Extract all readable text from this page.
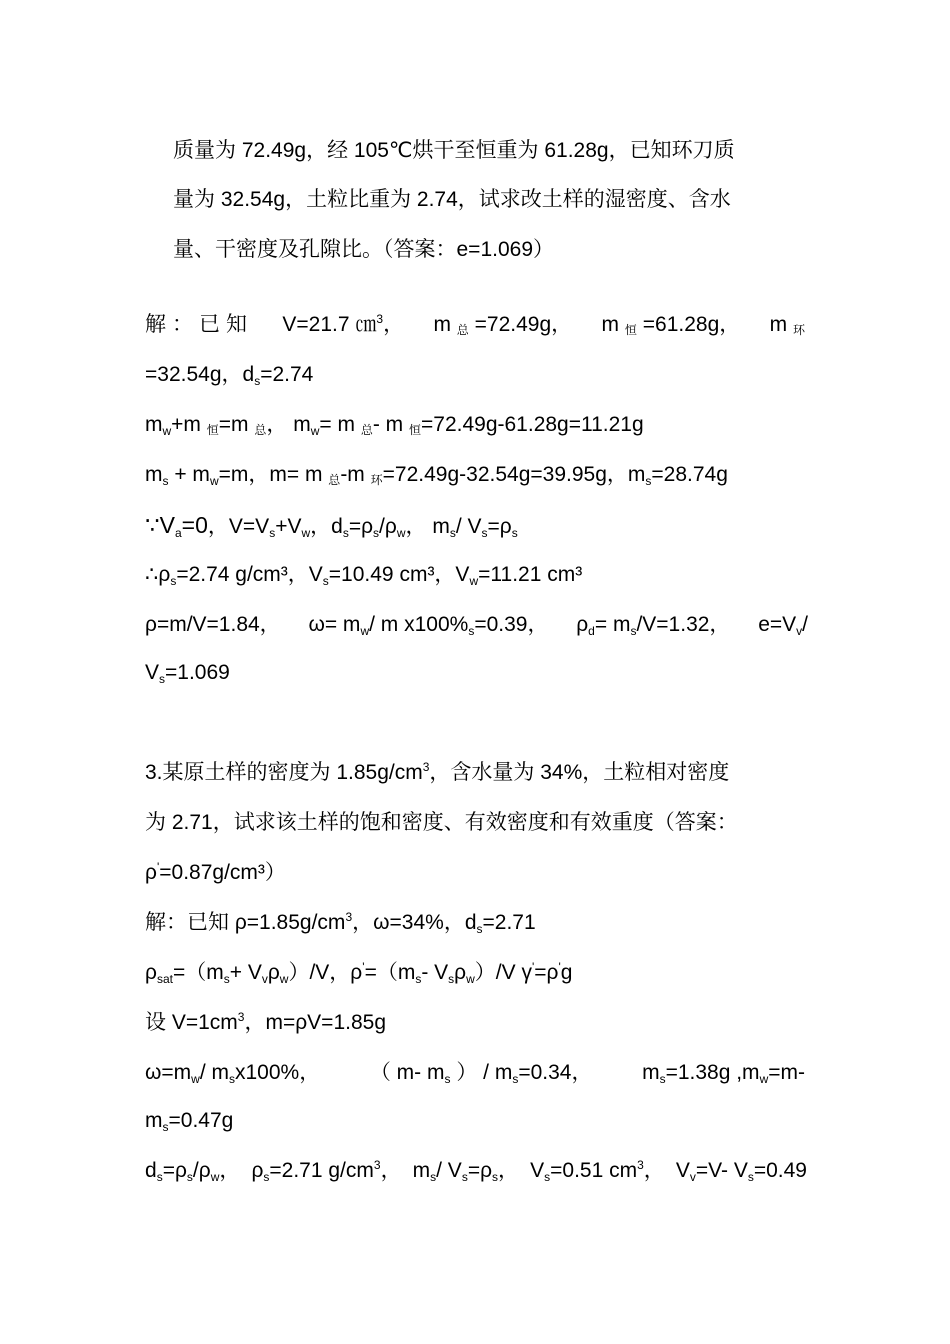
质量为 72.49g，经 105℃烘干至恒重为 61.28g，已知环刀质
量为 32.54g，土粒比重为 2.74，试求改土样的湿密度、含水
量、干密度及孔隙比。（答案：e=1.069）
解：已知 V=21.7 ㎝$^3$， m 总 =72.49g， m 恒 =61.28g， m 环
=32.54g，$d_s=2.74$
$m_w+m$ 恒=m 总， $m_w= m$ 总- m 恒=72.49g-61.28g=11.21g
$m_s + m_w=m$，m= m 总-m 环=72.49g-32.54g=39.95g，$m_s=28.74g$
$\because V_a=0$，$V=V_s+V_w$，$d_s=\rho_s/\rho_w$， $m_s/$ $V_s=\rho_s$
$\therefore\rho_s=2.74$ g/cm³，$V_s=10.49$ cm³，$V_w=11.21$ cm³
ρ=m/V=1.84， $\omega= m_w/$ m $x100\%_s=0.39$， $\rho_d= m_s/V=1.32$， $e=V_v/$
$V_s=1.069$
3.某原土样的密度为 $1.85g/cm^3$，含水量为 34%，土粒相对密度
为 2.71，试求该土样的饱和密度、有效密度和有效重度（答案：
ρ'=0.87g/cm³）
解：已知 $\rho=1.85g/cm^3$，ω=34%，$d_s=2.71$
$\rho_{sat}=(m_s+ V_v\rho_w)/V$，$\rho'=(m_s-$ $V_s\rho_w)/V$ γ'=ρ'g
设 $V=1cm^3$，m=ρV=1.85g
$\omega=m_w/$ $m_sx100\%$， （ m- $m_s$ ） / $m_s=0.34$， $m_s=1.38g$ $,m_w=m-$
$m_s=0.47g$
$d_s=\rho_s/\rho_w$， $\rho_s=2.71$ $g/cm^3$， $m_s/$ $V_s=\rho_s$， $V_s=0.51$ $cm^3$， $V_v=V-$ $V_s=0.49$
